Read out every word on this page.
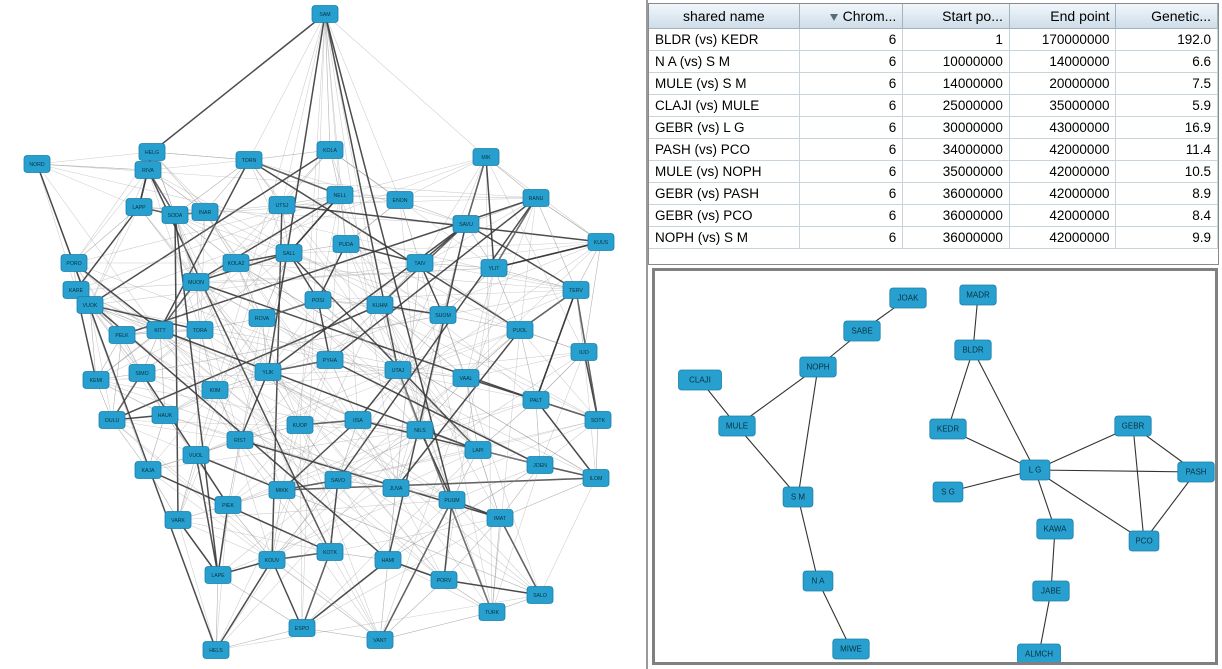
SAM
NORD
HELG
RIVA
TORN
KOLA
MIK
PORO
KARE
VUOK
LAPP
SODA	INAR
UTSJ
NELL
ENON
SAVU
KUUS
RANU
PELK
KITT
MUON
KOLA2
SALL
PUDA
TAIV
YLIT
TERV
KEMI
SIMO
TORA
ROVA
POSI
KUHM
SUOM
PUOL
IIJO
OULU
HAUK
KIIM
YLIK
PYHA
UTAJ
VAAL
PALT
SOTK
KAJA
VUOL
RIST
KUOP
IISA
NILS
LAPI
JOEN
ILOM
VARK
PIEK
MIKK
SAVO
JUVA
PUUM
IMAT
LAPE
KOUV
KOTK
HAMI
PORV
HELS
ESPO
VANT
TURK
SALO
shared name	Chrom...	Start po...	End point	Genetic...
BLDR (vs) KEDR	6	1	170000000	192.0
N A (vs) S M	6	10000000	14000000	6.6
MULE (vs) S M	6	14000000	20000000	7.5
CLAJI (vs) MULE	6	25000000	35000000	5.9
GEBR (vs) L G	6	30000000	43000000	16.9
PASH (vs) PCO	6	34000000	42000000	11.4
MULE (vs) NOPH	6	35000000	42000000	10.5
GEBR (vs) PASH	6	36000000	42000000	8.9
GEBR (vs) PCO	6	36000000	42000000	8.4
NOPH (vs) S M	6	36000000	42000000	9.9
JOAK
SABE
NOPH
CLAJI
MULE
S M
N A
MIWE
MADR
BLDR
KEDR
S G
L G
GEBR
PASH
KAWA
PCO
JABE
ALMCH
